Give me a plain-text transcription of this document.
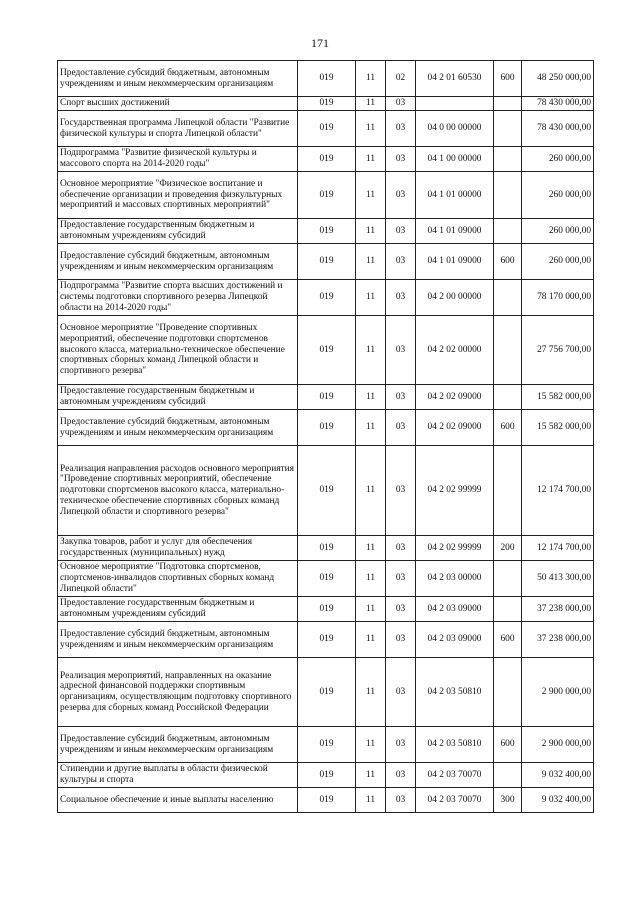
171
Предоставление субсидий бюджетным, автономным учреждениям и иным некоммерческим организациям	019	11	02	04 2 01 60530	600	48 250 000,00
Спорт высших достижений	019	11	03			78 430 000,00
Государственная программа Липецкой области "Развитие физической культуры и спорта Липецкой области"	019	11	03	04 0 00 00000		78 430 000,00
Подпрограмма "Развитие физической культуры и массового спорта на 2014-2020 годы"	019	11	03	04 1 00 00000		260 000,00
Основное мероприятие "Физическое воспитание и обеспечение организации и проведения физкультурных мероприятий и массовых спортивных мероприятий"	019	11	03	04 1 01 00000		260 000,00
Предоставление государственным бюджетным и автономным учреждениям субсидий	019	11	03	04 1 01 09000		260 000,00
Предоставление субсидий бюджетным, автономным учреждениям и иным некоммерческим организациям	019	11	03	04 1 01 09000	600	260 000,00
Подпрограмма "Развитие спорта высших достижений и системы подготовки спортивного резерва Липецкой области на 2014-2020 годы"	019	11	03	04 2 00 00000		78 170 000,00
Основное мероприятие "Проведение спортивных мероприятий, обеспечение подготовки спортсменов высокого класса, материально-техническое обеспечение спортивных сборных команд Липецкой области и спортивного резерва"	019	11	03	04 2 02 00000		27 756 700,00
Предоставление государственным бюджетным и автономным учреждениям субсидий	019	11	03	04 2 02 09000		15 582 000,00
Предоставление субсидий бюджетным, автономным учреждениям и иным некоммерческим организациям	019	11	03	04 2 02 09000	600	15 582 000,00
Реализация направления расходов основного мероприятия "Проведение спортивных мероприятий, обеспечение подготовки спортсменов высокого класса, материально-техническое обеспечение спортивных сборных команд Липецкой области и спортивного резерва"	019	11	03	04 2 02 99999		12 174 700,00
Закупка товаров, работ и услуг для обеспечения государственных (муниципальных) нужд	019	11	03	04 2 02 99999	200	12 174 700,00
Основное мероприятие "Подготовка спортсменов, спортсменов-инвалидов спортивных сборных команд Липецкой области"	019	11	03	04 2 03 00000		50 413 300,00
Предоставление государственным бюджетным и автономным учреждениям субсидий	019	11	03	04 2 03 09000		37 238 000,00
Предоставление субсидий бюджетным, автономным учреждениям и иным некоммерческим организациям	019	11	03	04 2 03 09000	600	37 238 000,00
Реализация мероприятий, направленных на оказание адресной финансовой поддержки спортивным организациям, осуществляющим подготовку спортивного резерва для сборных команд Российской Федерации	019	11	03	04 2 03 50810		2 900 000,00
Предоставление субсидий бюджетным, автономным учреждениям и иным некоммерческим организациям	019	11	03	04 2 03 50810	600	2 900 000,00
Стипендии и другие выплаты в области физической культуры и спорта	019	11	03	04 2 03 70070		9 032 400,00
Социальное обеспечение и иные выплаты населению	019	11	03	04 2 03 70070	300	9 032 400,00
